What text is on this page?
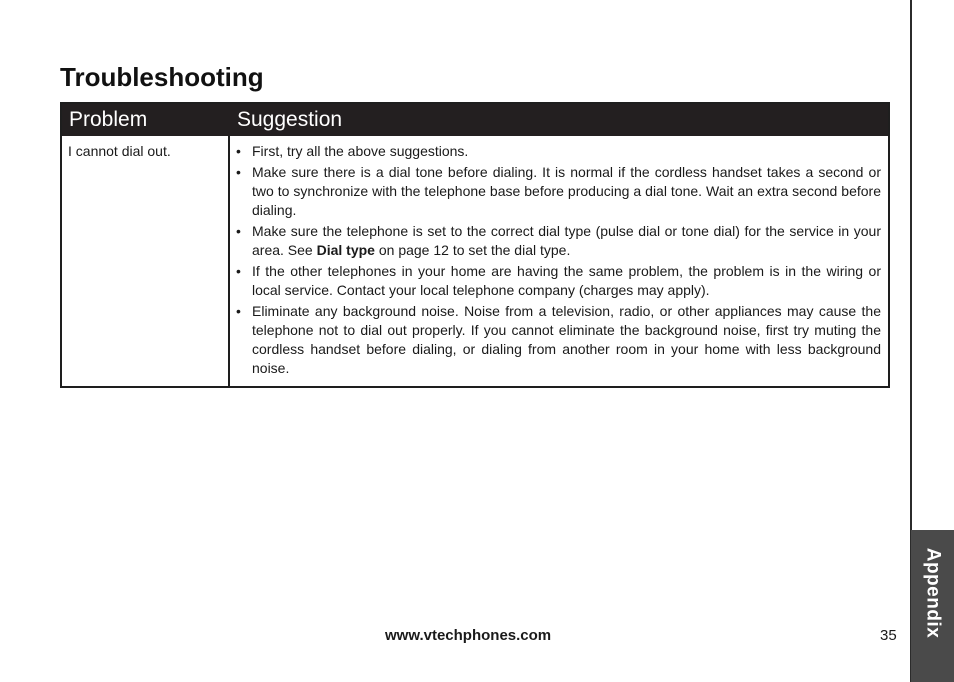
Appendix
Troubleshooting
Problem	Suggestion
I cannot dial out.	• First, try all the above suggestions.
• Make sure there is a dial tone before dialing. It is normal if the cordless handset takes a second or two to synchronize with the telephone base before producing a dial tone. Wait an extra second before dialing.
• Make sure the telephone is set to the correct dial type (pulse dial or tone dial) for the service in your area. See Dial type on page 12 to set the dial type.
• If the other telephones in your home are having the same problem, the problem is in the wiring or local service. Contact your local telephone company (charges may apply).
• Eliminate any background noise. Noise from a television, radio, or other appliances may cause the telephone not to dial out properly. If you cannot eliminate the background noise, first try muting the cordless handset before dialing, or dialing from another room in your home with less background noise.
www.vtechphones.com	35
